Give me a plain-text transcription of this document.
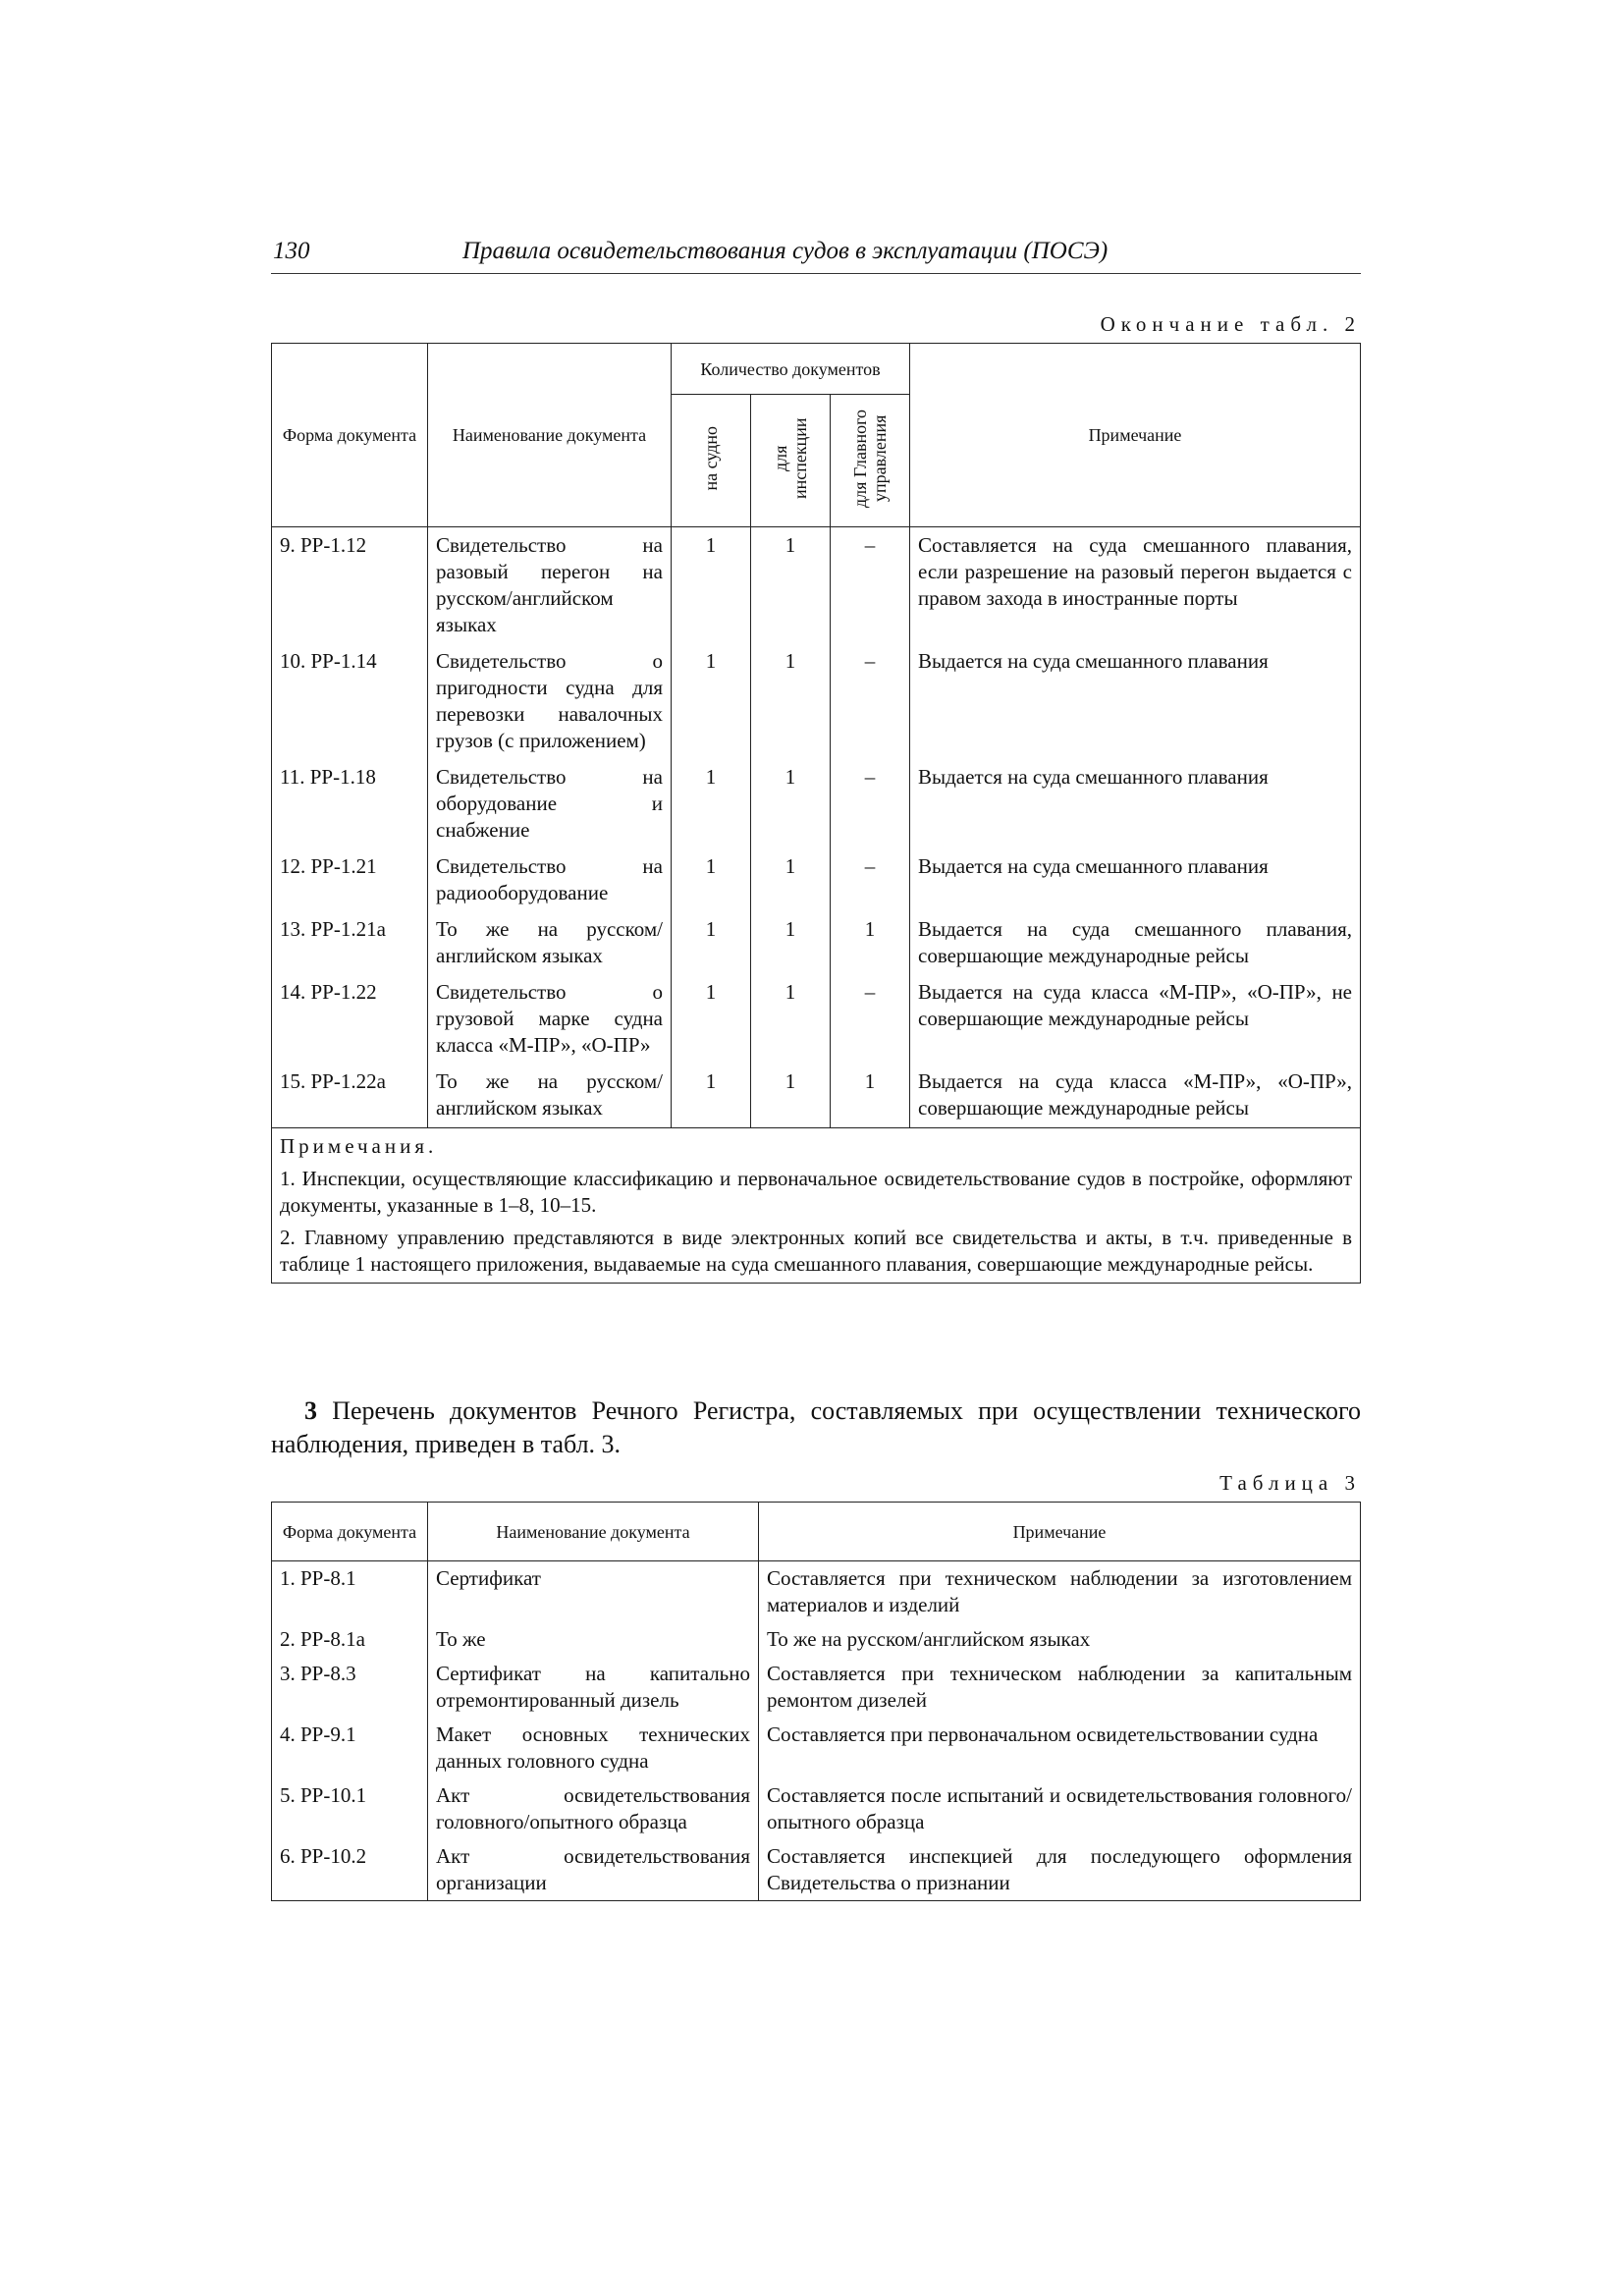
130	Правила освидетельствования судов в эксплуатации (ПОСЭ)
Окончание табл. 2
Форма документа	Наименование документа	Количество документов			Примечание
		на судно	для инспекции	для Главного управления	
9. РР-1.12	Свидетельство на разовый перегон на русском/английском языках	1	1	–	Составляется на суда смешанного плавания, если разрешение на разовый перегон выдается с правом захода в иностранные порты
10. РР-1.14	Свидетельство о пригодности судна для перевозки навалочных грузов (с приложением)	1	1	–	Выдается на суда смешанного плавания
11. РР-1.18	Свидетельство на оборудование и снабжение	1	1	–	Выдается на суда смешанного плавания
12. РР-1.21	Свидетельство на радиооборудование	1	1	–	Выдается на суда смешанного плавания
13. РР-1.21а	То же на русском/английском языках	1	1	1	Выдается на суда смешанного плавания, совершающие международные рейсы
14. РР-1.22	Свидетельство о грузовой марке судна класса «М-ПР», «О-ПР»	1	1	–	Выдается на суда класса «М-ПР», «О-ПР», не совершающие международные рейсы
15. РР-1.22а	То же на русском/английском языках	1	1	1	Выдается на суда класса «М-ПР», «О-ПР», совершающие международные рейсы

Примечания.

1. Инспекции, осуществляющие классификацию и первоначальное освидетельствование судов в постройке, оформляют документы, указанные в 1–8, 10–15.

2. Главному управлению представляются в виде электронных копий все свидетельства и акты, в т.ч. приведенные в таблице 1 настоящего приложения, выдаваемые на суда смешанного плавания, совершающие международные рейсы.					

3 Перечень документов Речного Регистра, составляемых при осуществлении технического наблюдения, приведен в табл. 3.
Таблица 3
Форма документа	Наименование документа	Примечание
1. РР-8.1	Сертификат	Составляется при техническом наблюдении за изготовлением материалов и изделий
2. РР-8.1а	То же	То же на русском/английском языках
3. РР-8.3	Сертификат на капитально отремонтированный дизель	Составляется при техническом наблюдении за капитальным ремонтом дизелей
4. РР-9.1	Макет основных технических данных головного судна	Составляется при первоначальном освидетельствовании судна
5. РР-10.1	Акт освидетельствования головного/опытного образца	Составляется после испытаний и освидетельствования головного/опытного образца
6. РР-10.2	Акт освидетельствования организации	Составляется инспекцией для последующего оформления Свидетельства о признании
